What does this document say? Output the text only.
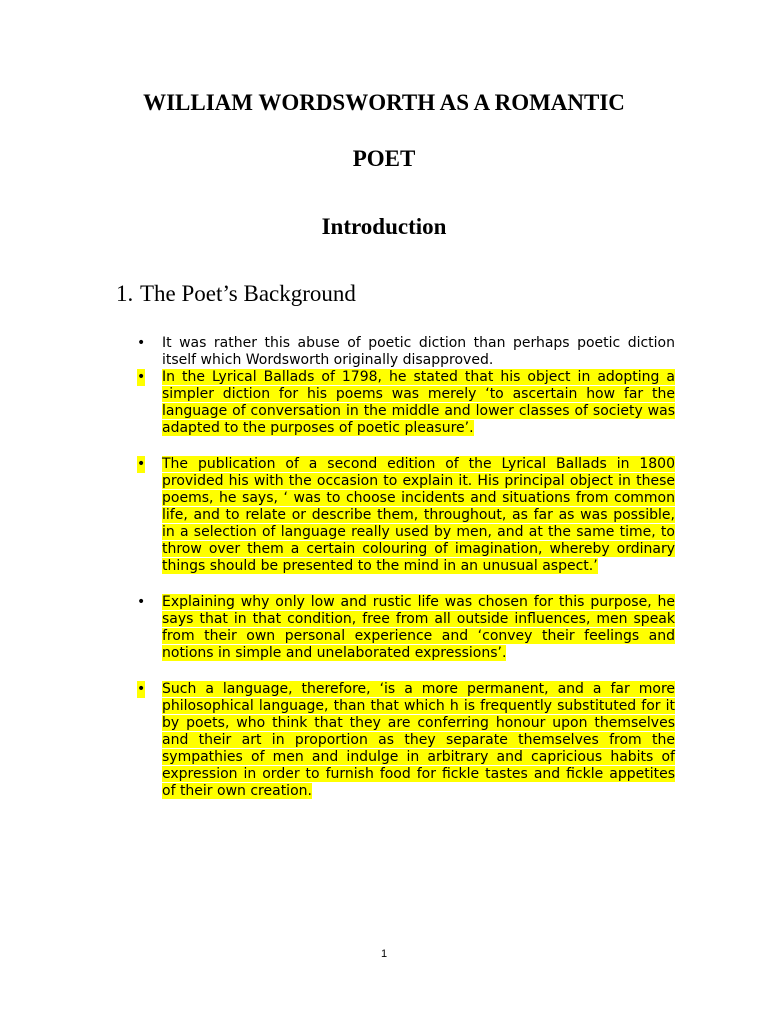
WILLIAM WORDSWORTH AS A ROMANTIC
POET
Introduction
1. The Poet’s Background
• It was rather this abuse of poetic diction than perhaps poetic diction itself which Wordsworth originally disapproved.
• In the Lyrical Ballads of 1798, he stated that his object in adopting a simpler diction for his poems was merely ‘to ascertain how far the language of conversation in the middle and lower classes of society was adapted to the purposes of poetic pleasure’.
• The publication of a second edition of the Lyrical Ballads in 1800 provided his with the occasion to explain it. His principal object in these poems, he says, ‘ was to choose incidents and situations from common life, and to relate or describe them, throughout, as far as was possible, in a selection of language really used by men, and at the same time, to throw over them a certain colouring of imagination, whereby ordinary things should be presented to the mind in an unusual aspect.’
• Explaining why only low and rustic life was chosen for this purpose, he says that in that condition, free from all outside influences, men speak from their own personal experience and ‘convey their feelings and notions in simple and unelaborated expressions’.
• Such a language, therefore, ‘is a more permanent, and a far more philosophical language, than that which h is frequently substituted for it by poets, who think that they are conferring honour upon themselves and their art in proportion as they separate themselves from the sympathies of men and indulge in arbitrary and capricious habits of expression in order to furnish food for fickle tastes and fickle appetites of their own creation.
1
